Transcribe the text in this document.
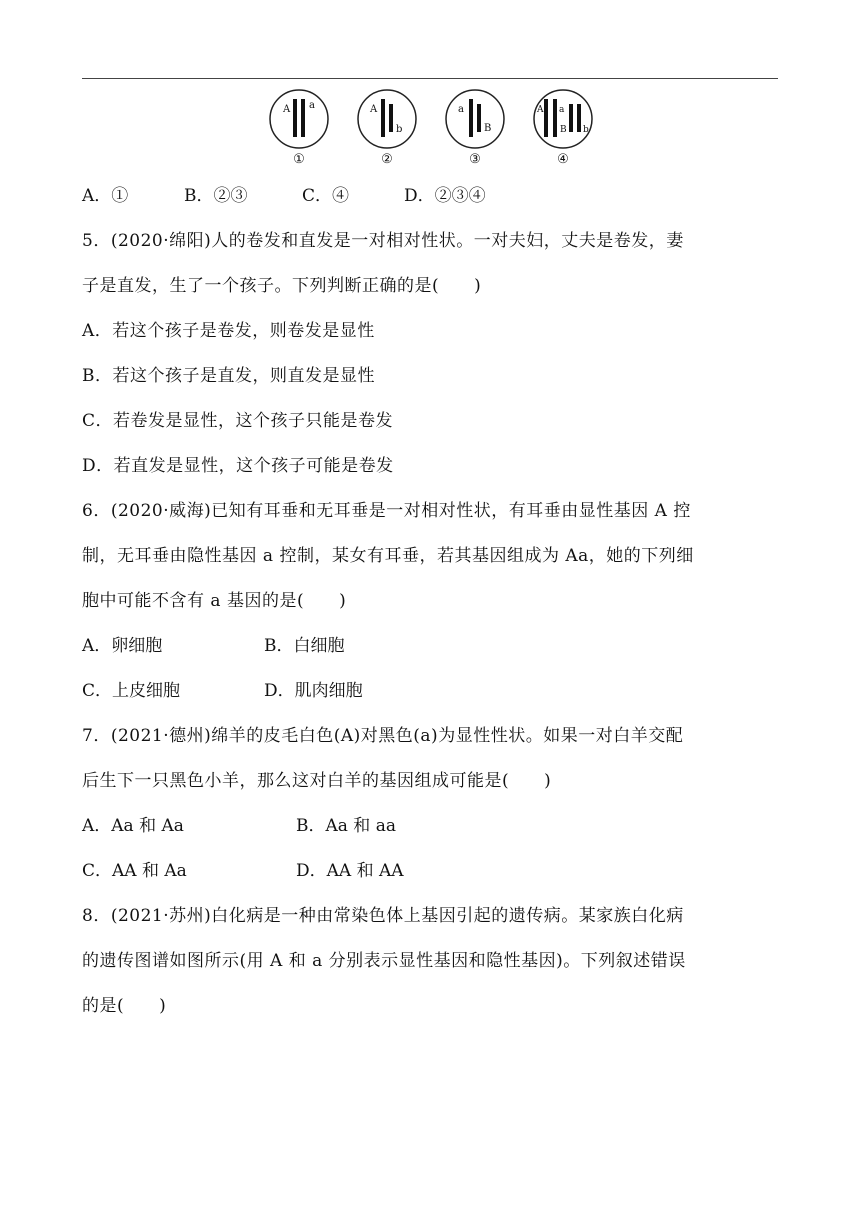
A a
①
A
b
②
a
B
③
A a
B b
④
A．①	B．②③	C．④	D．②③④
5．(2020·绵阳)人的卷发和直发是一对相对性状。一对夫妇，丈夫是卷发，妻
子是直发，生了一个孩子。下列判断正确的是(　　)
A．若这个孩子是卷发，则卷发是显性
B．若这个孩子是直发，则直发是显性
C．若卷发是显性，这个孩子只能是卷发
D．若直发是显性，这个孩子可能是卷发
6．(2020·威海)已知有耳垂和无耳垂是一对相对性状，有耳垂由显性基因 A 控
制，无耳垂由隐性基因 a 控制，某女有耳垂，若其基因组成为 Aa，她的下列细
胞中可能不含有 a 基因的是(　　)
A．卵细胞	B．白细胞
C．上皮细胞	D．肌肉细胞
7．(2021·德州)绵羊的皮毛白色(A)对黑色(a)为显性性状。如果一对白羊交配
后生下一只黑色小羊，那么这对白羊的基因组成可能是(　　)
A．Aa 和 Aa	B．Aa 和 aa
C．AA 和 Aa	D．AA 和 AA
8．(2021·苏州)白化病是一种由常染色体上基因引起的遗传病。某家族白化病
的遗传图谱如图所示(用 A 和 a 分别表示显性基因和隐性基因)。下列叙述错误
的是(　　)
